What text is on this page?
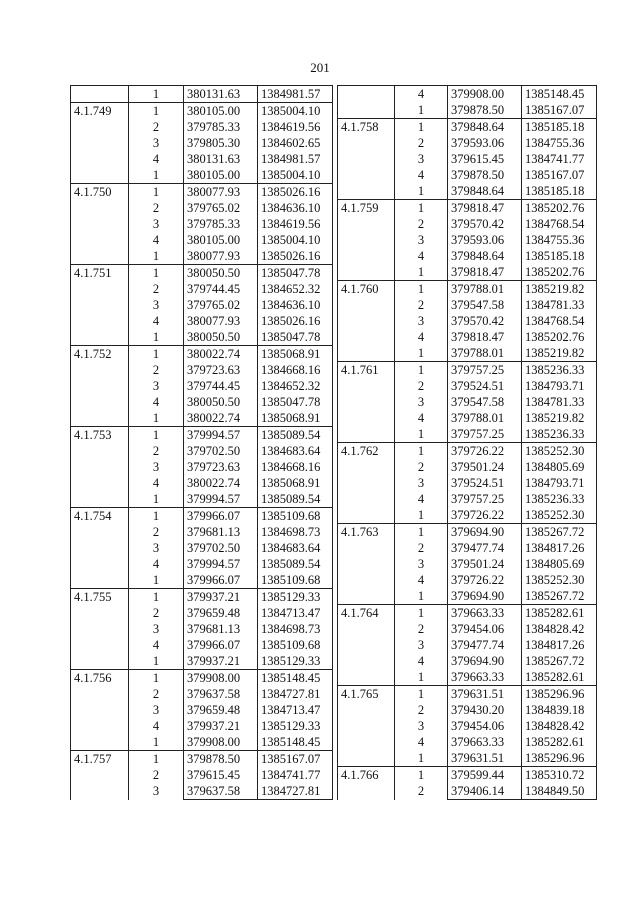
201
	1	380131.63	1384981.57
4.1.749	1	380105.00	1385004.10
	2	379785.33	1384619.56
	3	379805.30	1384602.65
	4	380131.63	1384981.57
	1	380105.00	1385004.10
4.1.750	1	380077.93	1385026.16
	2	379765.02	1384636.10
	3	379785.33	1384619.56
	4	380105.00	1385004.10
	1	380077.93	1385026.16
4.1.751	1	380050.50	1385047.78
	2	379744.45	1384652.32
	3	379765.02	1384636.10
	4	380077.93	1385026.16
	1	380050.50	1385047.78
4.1.752	1	380022.74	1385068.91
	2	379723.63	1384668.16
	3	379744.45	1384652.32
	4	380050.50	1385047.78
	1	380022.74	1385068.91
4.1.753	1	379994.57	1385089.54
	2	379702.50	1384683.64
	3	379723.63	1384668.16
	4	380022.74	1385068.91
	1	379994.57	1385089.54
4.1.754	1	379966.07	1385109.68
	2	379681.13	1384698.73
	3	379702.50	1384683.64
	4	379994.57	1385089.54
	1	379966.07	1385109.68
4.1.755	1	379937.21	1385129.33
	2	379659.48	1384713.47
	3	379681.13	1384698.73
	4	379966.07	1385109.68
	1	379937.21	1385129.33
4.1.756	1	379908.00	1385148.45
	2	379637.58	1384727.81
	3	379659.48	1384713.47
	4	379937.21	1385129.33
	1	379908.00	1385148.45
4.1.757	1	379878.50	1385167.07
	2	379615.45	1384741.77
	3	379637.58	1384727.81
	4	379908.00	1385148.45
	1	379878.50	1385167.07
4.1.758	1	379848.64	1385185.18
	2	379593.06	1384755.36
	3	379615.45	1384741.77
	4	379878.50	1385167.07
	1	379848.64	1385185.18
4.1.759	1	379818.47	1385202.76
	2	379570.42	1384768.54
	3	379593.06	1384755.36
	4	379848.64	1385185.18
	1	379818.47	1385202.76
4.1.760	1	379788.01	1385219.82
	2	379547.58	1384781.33
	3	379570.42	1384768.54
	4	379818.47	1385202.76
	1	379788.01	1385219.82
4.1.761	1	379757.25	1385236.33
	2	379524.51	1384793.71
	3	379547.58	1384781.33
	4	379788.01	1385219.82
	1	379757.25	1385236.33
4.1.762	1	379726.22	1385252.30
	2	379501.24	1384805.69
	3	379524.51	1384793.71
	4	379757.25	1385236.33
	1	379726.22	1385252.30
4.1.763	1	379694.90	1385267.72
	2	379477.74	1384817.26
	3	379501.24	1384805.69
	4	379726.22	1385252.30
	1	379694.90	1385267.72
4.1.764	1	379663.33	1385282.61
	2	379454.06	1384828.42
	3	379477.74	1384817.26
	4	379694.90	1385267.72
	1	379663.33	1385282.61
4.1.765	1	379631.51	1385296.96
	2	379430.20	1384839.18
	3	379454.06	1384828.42
	4	379663.33	1385282.61
	1	379631.51	1385296.96
4.1.766	1	379599.44	1385310.72
	2	379406.14	1384849.50
